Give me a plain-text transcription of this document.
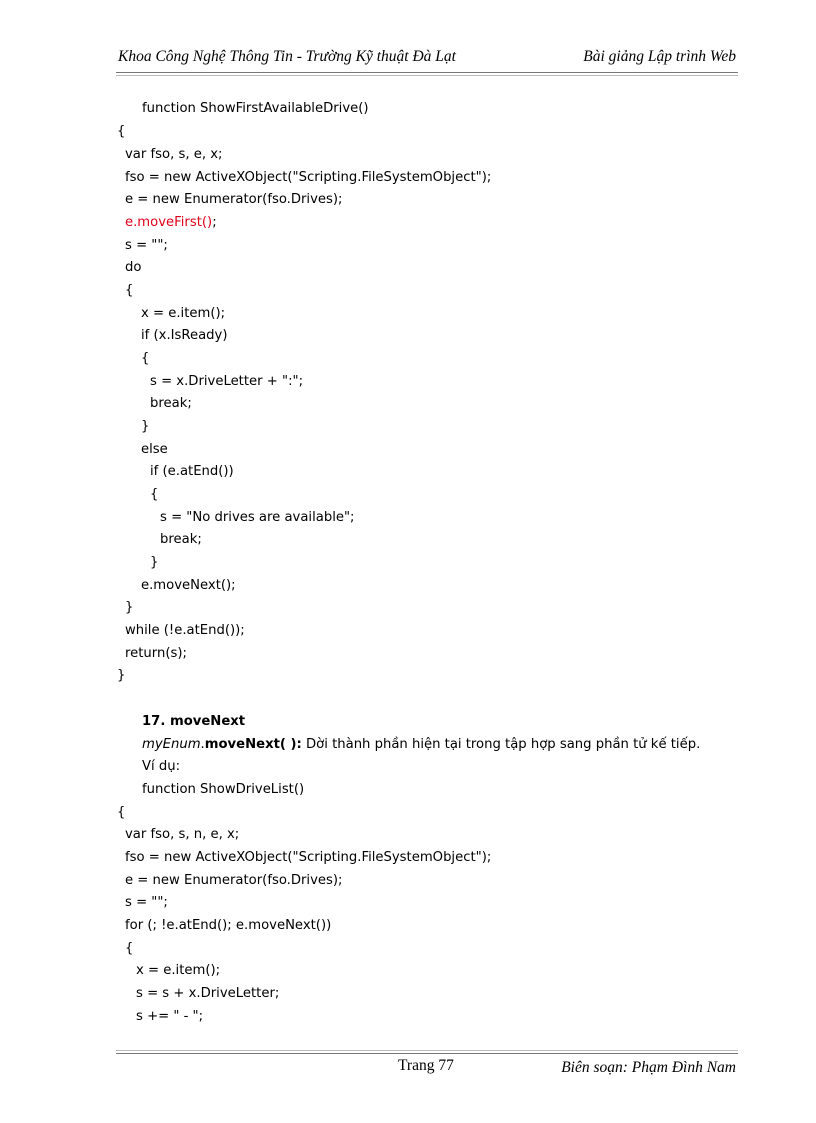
Khoa Công Nghệ Thông Tin - Trường Kỹ thuật Đà Lạt	Bài giảng Lập trình Web
function ShowFirstAvailableDrive()
{
var fso, s, e, x;
fso = new ActiveXObject("Scripting.FileSystemObject");
e = new Enumerator(fso.Drives);
e.moveFirst();
s = "";
do
{
x = e.item();
if (x.IsReady)
{
s = x.DriveLetter + ":";
break;
}
else
if (e.atEnd())
{
s = "No drives are available";
break;
}
e.moveNext();
}
while (!e.atEnd());
return(s);
}
17. moveNext
myEnum.moveNext( ): Dời thành phần hiện tại trong tập hợp sang phần tử kế tiếp.
Ví dụ:
function ShowDriveList()
{
var fso, s, n, e, x;
fso = new ActiveXObject("Scripting.FileSystemObject");
e = new Enumerator(fso.Drives);
s = "";
for (; !e.atEnd(); e.moveNext())
{
x = e.item();
s = s + x.DriveLetter;
s += " - ";
Trang 77	Biên soạn: Phạm Đình Nam
